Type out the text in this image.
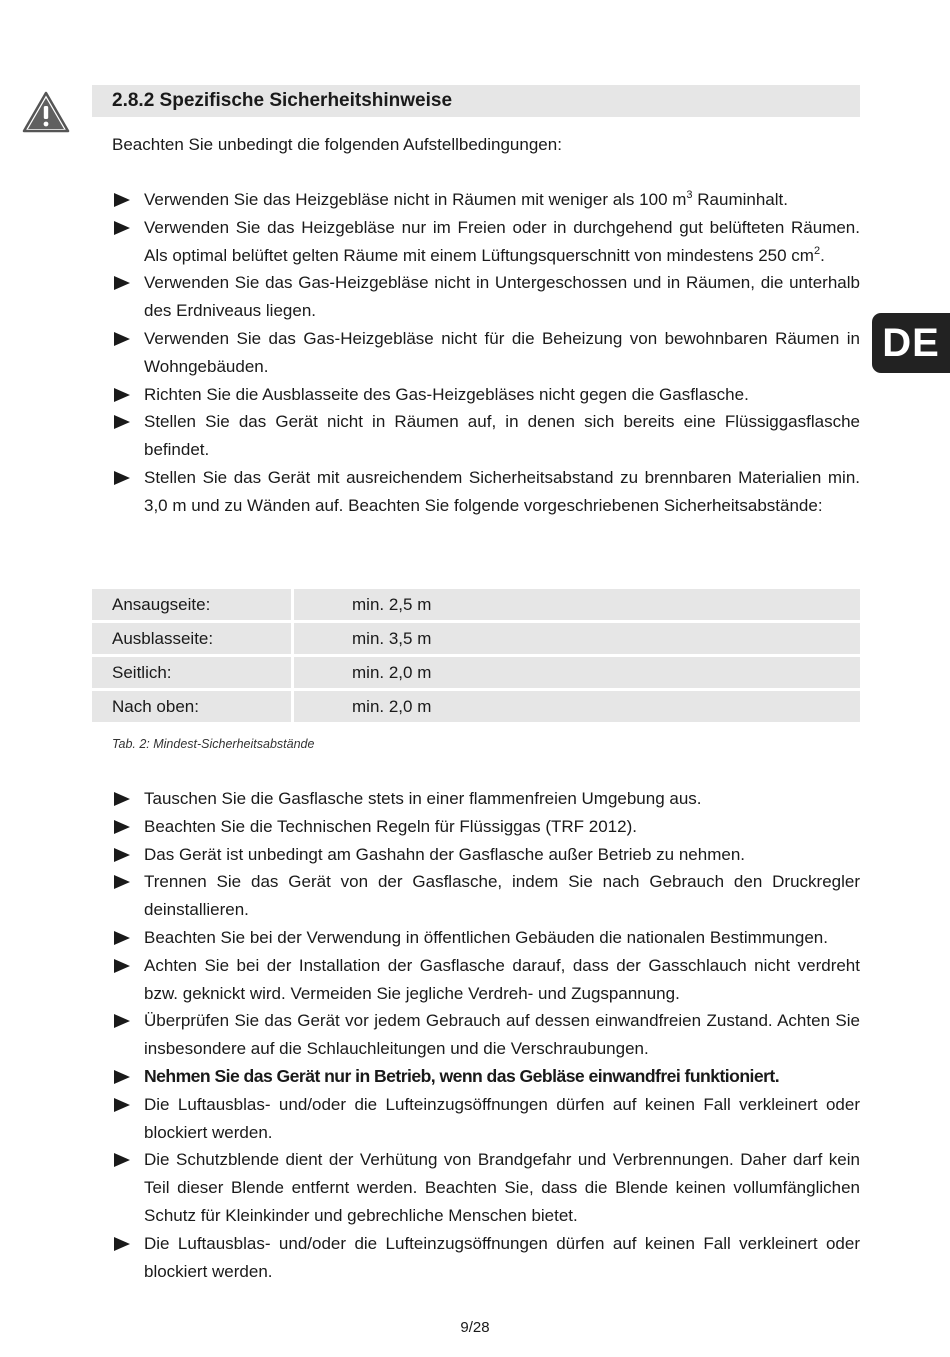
2.8.2 Spezifische Sicherheitshinweise
Beachten Sie unbedingt die folgenden Aufstellbedingungen:
Verwenden Sie das Heizgebläse nicht in Räumen mit weniger als 100 $m^3$ Rauminhalt.
Verwenden Sie das Heizgebläse nur im Freien oder in durchgehend gut belüfteten Räumen. Als optimal belüftet gelten Räume mit einem Lüftungsquerschnitt von mindestens 250 $cm^2$.
Verwenden Sie das Gas-Heizgebläse nicht in Untergeschossen und in Räumen, die unterhalb des Erdniveaus liegen.
Verwenden Sie das Gas-Heizgebläse nicht für die Beheizung von bewohnbaren Räumen in Wohngebäuden.
Richten Sie die Ausblasseite des Gas-Heizgebläses nicht gegen die Gasflasche.
Stellen Sie das Gerät nicht in Räumen auf, in denen sich bereits eine Flüssiggasflasche befindet.
Stellen Sie das Gerät mit ausreichendem Sicherheitsabstand zu brennbaren Materialien min. 3,0 m und zu Wänden auf. Beachten Sie folgende vorgeschriebenen Sicherheitsabstände:
Ansaugseite:	min. 2,5 m
Ausblasseite:	min. 3,5 m
Seitlich:	min. 2,0 m
Nach oben:	min. 2,0 m
Tab. 2: Mindest-Sicherheitsabstände
Tauschen Sie die Gasflasche stets in einer flammenfreien Umgebung aus.
Beachten Sie die Technischen Regeln für Flüssiggas (TRF 2012).
Das Gerät ist unbedingt am Gashahn der Gasflasche außer Betrieb zu nehmen.
Trennen Sie das Gerät von der Gasflasche, indem Sie nach Gebrauch den Druckregler deinstallieren.
Beachten Sie bei der Verwendung in öffentlichen Gebäuden die nationalen Bestimmungen.
Achten Sie bei der Installation der Gasflasche darauf, dass der Gasschlauch nicht verdreht bzw. geknickt wird. Vermeiden Sie jegliche Verdreh- und Zugspannung.
Überprüfen Sie das Gerät vor jedem Gebrauch auf dessen einwandfreien Zustand. Achten Sie insbesondere auf die Schlauchleitungen und die Verschraubungen.
Nehmen Sie das Gerät nur in Betrieb, wenn das Gebläse einwandfrei funktioniert.
Die Luftausblas- und/oder die Lufteinzugsöffnungen dürfen auf keinen Fall verkleinert oder blockiert werden.
Die Schutzblende dient der Verhütung von Brandgefahr und Verbrennungen. Daher darf kein Teil dieser Blende entfernt werden. Beachten Sie, dass die Blende keinen vollumfänglichen Schutz für Kleinkinder und gebrechliche Menschen bietet.
Die Luftausblas- und/oder die Lufteinzugsöffnungen dürfen auf keinen Fall verkleinert oder blockiert werden.
DE
9/28
